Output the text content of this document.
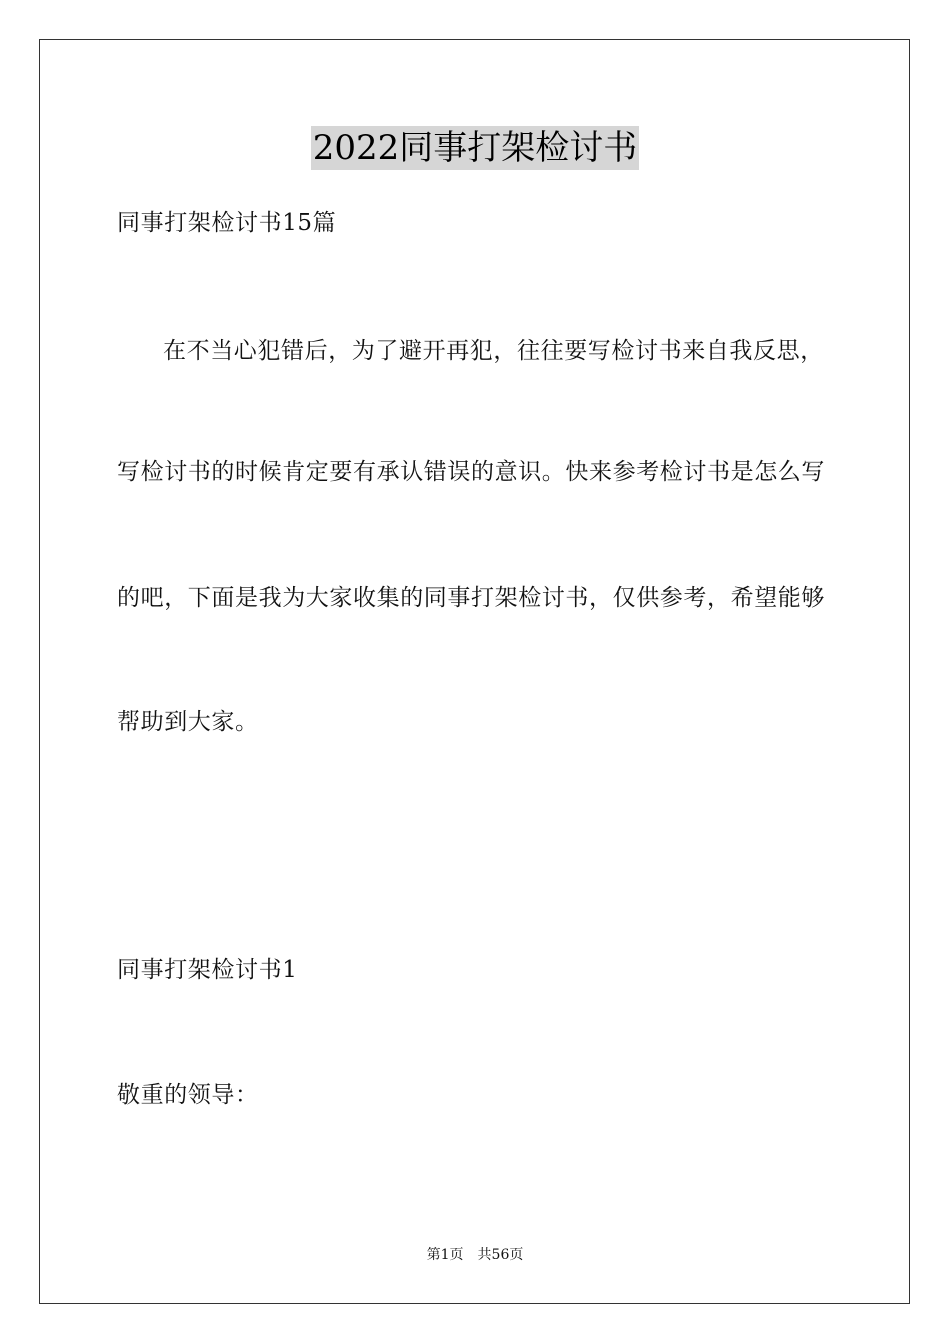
2022同事打架检讨书
同事打架检讨书15篇
在不当心犯错后，为了避开再犯，往往要写检讨书来自我反思，
写检讨书的时候肯定要有承认错误的意识。快来参考检讨书是怎么写
的吧，下面是我为大家收集的同事打架检讨书，仅供参考，希望能够
帮助到大家。
同事打架检讨书1
敬重的领导：
第1页 共56页
